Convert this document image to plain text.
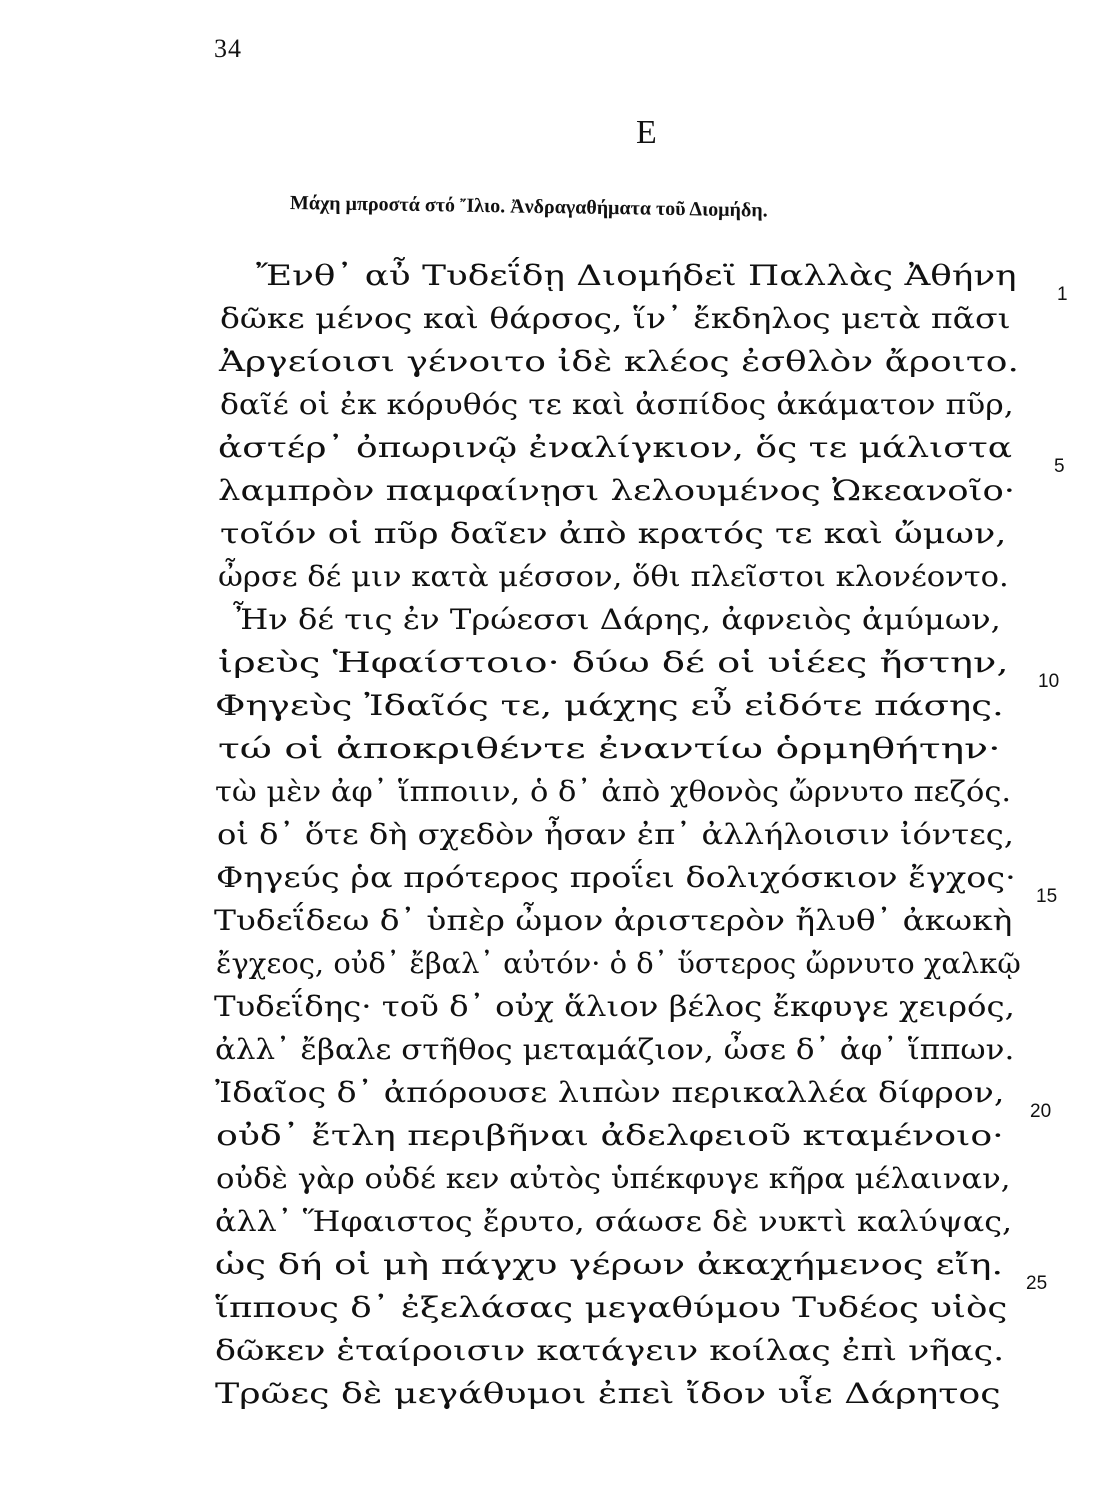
34
Ε
Μάχη μπροστά στό Ἴλιο. Ἀνδραγαθήματα τοῦ Διομήδη.
Ἔνθ᾽ αὖ Τυδεΐδῃ Διομήδεϊ Παλλὰς Ἀθήνη
δῶκε μένος καὶ θάρσος, ἵν᾽ ἔκδηλος μετὰ πᾶσι
Ἀργείοισι γένοιτο ἰδὲ κλέος ἐσθλὸν ἄροιτο.
δαῖέ οἱ ἐκ κόρυθός τε καὶ ἀσπίδος ἀκάματον πῦρ,
ἀστέρ᾽ ὀπωρινῷ ἐναλίγκιον, ὅς τε μάλιστα
λαμπρὸν παμφαίνῃσι λελουμένος Ὠκεανοῖο·
τοῖόν οἱ πῦρ δαῖεν ἀπὸ κρατός τε καὶ ὤμων,
ὦρσε δέ μιν κατὰ μέσσον, ὅθι πλεῖστοι κλονέοντο.
Ἦν δέ τις ἐν Τρώεσσι Δάρης, ἀφνειὸς ἀμύμων,
ἱρεὺς Ἡφαίστοιο· δύω δέ οἱ υἱέες ἤστην,
Φηγεὺς Ἰδαῖός τε, μάχης εὖ εἰδότε πάσης.
τώ οἱ ἀποκριθέντε ἐναντίω ὁρμηθήτην·
τὼ μὲν ἀφ᾽ ἵπποιιν, ὁ δ᾽ ἀπὸ χθονὸς ὤρνυτο πεζός.
οἱ δ᾽ ὅτε δὴ σχεδὸν ἦσαν ἐπ᾽ ἀλλήλοισιν ἰόντες,
Φηγεύς ῥα πρότερος προΐει δολιχόσκιον ἔγχος·
Τυδεΐδεω δ᾽ ὑπὲρ ὦμον ἀριστερὸν ἤλυθ᾽ ἀκωκὴ
ἔγχεος, οὐδ᾽ ἔβαλ᾽ αὐτόν· ὁ δ᾽ ὕστερος ὤρνυτο χαλκῷ
Τυδεΐδης· τοῦ δ᾽ οὐχ ἅλιον βέλος ἔκφυγε χειρός,
ἀλλ᾽ ἔβαλε στῆθος μεταμάζιον, ὦσε δ᾽ ἀφ᾽ ἵππων.
Ἰδαῖος δ᾽ ἀπόρουσε λιπὼν περικαλλέα δίφρον,
οὐδ᾽ ἔτλη περιβῆναι ἀδελφειοῦ κταμένοιο·
οὐδὲ γὰρ οὐδέ κεν αὐτὸς ὑπέκφυγε κῆρα μέλαιναν,
ἀλλ᾽ Ἥφαιστος ἔρυτο, σάωσε δὲ νυκτὶ καλύψας,
ὡς δή οἱ μὴ πάγχυ γέρων ἀκαχήμενος εἴη.
ἵππους δ᾽ ἐξελάσας μεγαθύμου Τυδέος υἱὸς
δῶκεν ἑταίροισιν κατάγειν κοίλας ἐπὶ νῆας.
Τρῶες δὲ μεγάθυμοι ἐπεὶ ἴδον υἷε Δάρητος
1
5
10
15
20
25
